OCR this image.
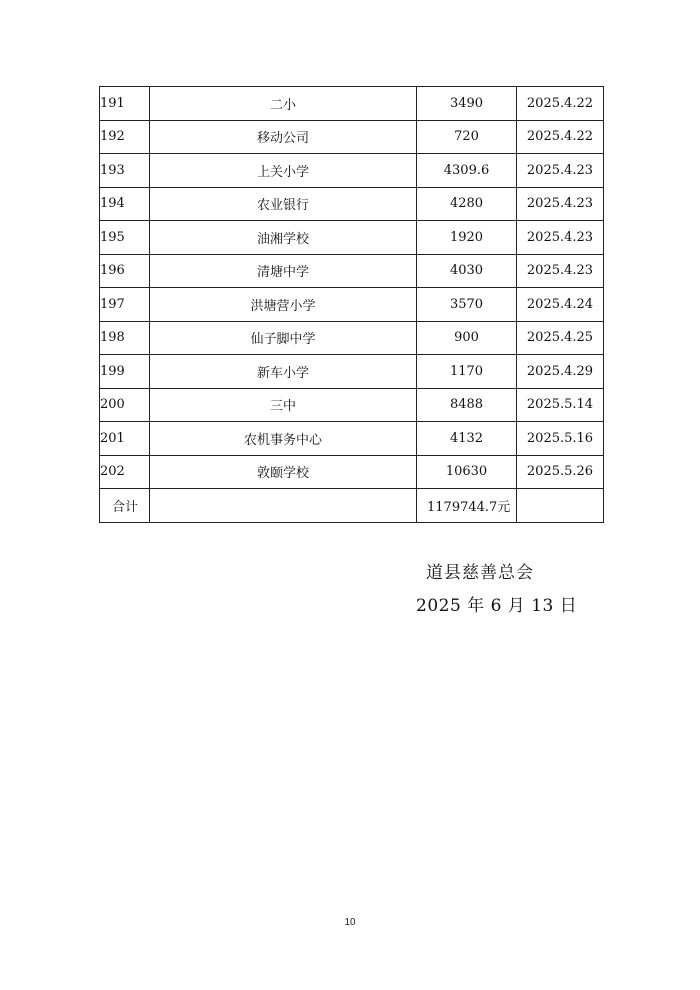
191	二小	3490	2025.4.22
192	移动公司	720	2025.4.22
193	上关小学	4309.6	2025.4.23
194	农业银行	4280	2025.4.23
195	油湘学校	1920	2025.4.23
196	清塘中学	4030	2025.4.23
197	洪塘营小学	3570	2025.4.24
198	仙子脚中学	900	2025.4.25
199	新车小学	1170	2025.4.29
200	三中	8488	2025.5.14
201	农机事务中心	4132	2025.5.16
202	敦颐学校	10630	2025.5.26
合计		1179744.7元	
道县慈善总会
2025 年 6 月 13 日
10
